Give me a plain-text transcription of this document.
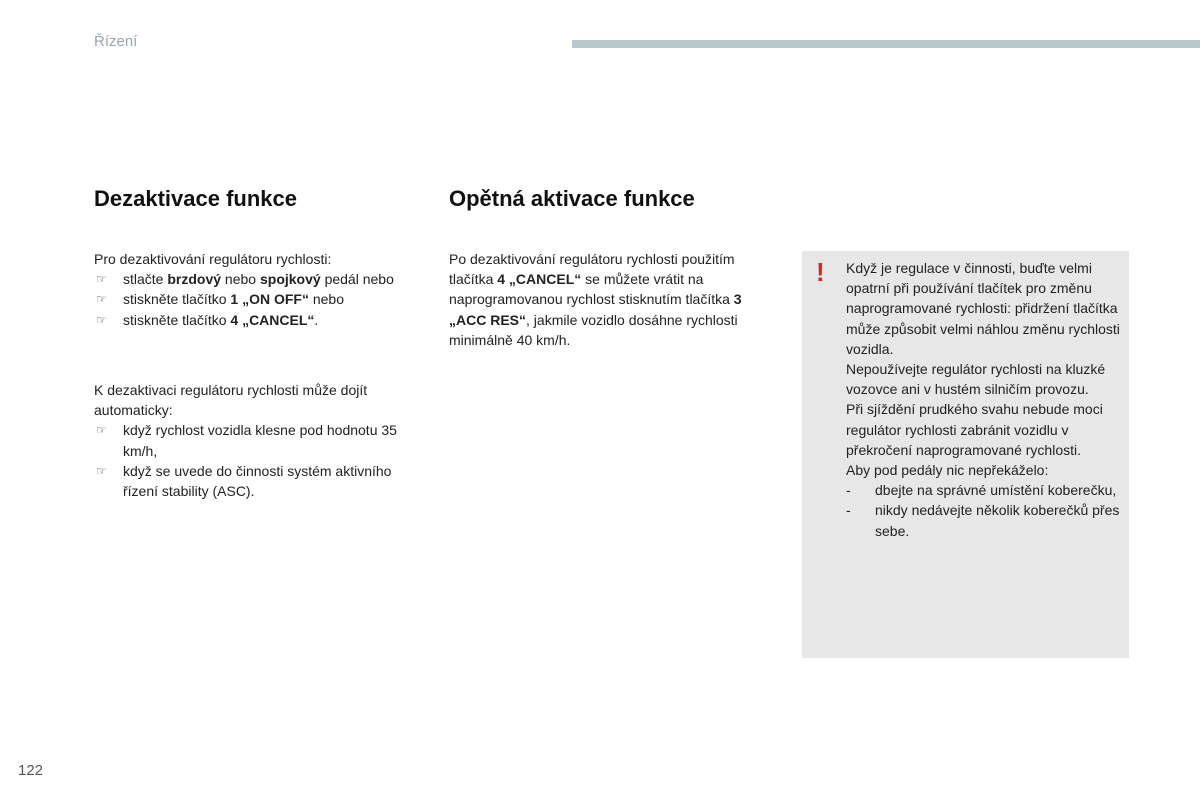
Řízení
Dezaktivace funkce	Opětná aktivace funkce

Pro dezaktivování regulátoru rychlosti:

☞ stlačte brzdový nebo spojkový pedál nebo
☞ stiskněte tlačítko 1 „ON OFF“ nebo
☞ stiskněte tlačítko 4 „CANCEL“.

K dezaktivaci regulátoru rychlosti může dojít automaticky:

☞ když rychlost vozidla klesne pod hodnotu 35 km/h,
☞ když se uvede do činnosti systém aktivního řízení stability (ASC).

Po dezaktivování regulátoru rychlosti použitím tlačítka 4 „CANCEL“ se můžete vrátit na naprogramovanou rychlost stisknutím tlačítka 3 „ACC RES“, jakmile vozidlo dosáhne rychlosti minimálně 40 km/h.

! Když je regulace v činnosti, buďte velmi opatrní při používání tlačítek pro změnu naprogramované rychlosti: přidržení tlačítka může způsobit velmi náhlou změnu rychlosti vozidla.

Nepoužívejte regulátor rychlosti na kluzké vozovce ani v hustém silničím provozu.

Při sjíždění prudkého svahu nebude moci regulátor rychlosti zabránit vozidlu v překročení naprogramované rychlosti.

Aby pod pedály nic nepřekáželo:

- dbejte na správné umístění koberečku,
- nikdy nedávejte několik koberečků přes sebe.
122
